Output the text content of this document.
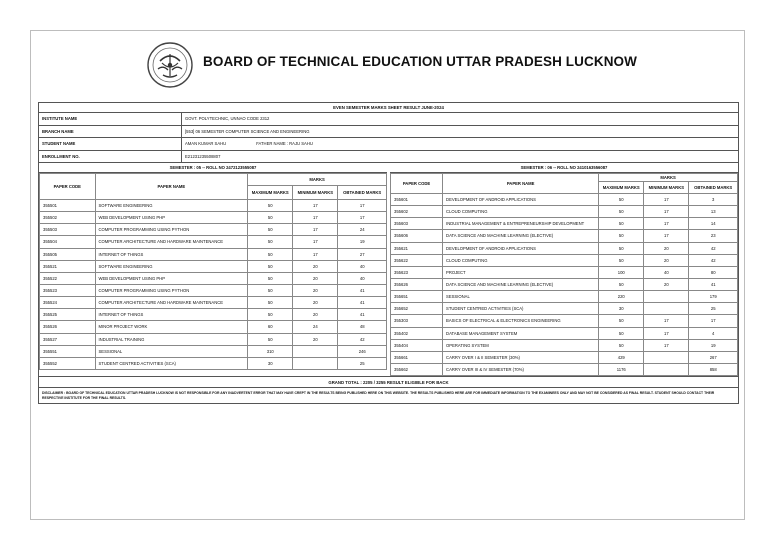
BOARD OF TECHNICAL EDUCATION UTTAR PRADESH LUCKNOW
EVEN SEMESTER MARKS SHEET RESULT JUNE-2024
INSTITUTE NAME	GOVT. POLYTECHNIC, UNNAO CODE 2312
BRANCH NAME	[553] 06 SEMESTER COMPUTER SCIENCE AND ENGINEERING
STUDENT NAME	AMAN KUMAR SAHU	FATHER NAME : RAJU SAHU
ENROLLMENT NO.	E21231235508807
SEMESTER : 05 -- ROLL NO 2472123555087
PAPER CODE	PAPER NAME	MARKS		
		MAXIMUM MARKS	MINIMUM MARKS	OBTAINED MARKS
355501	SOFTWARE ENGINEERING	50	17	17
355502	WEB DEVELOPMENT USING PHP	50	17	17
355503	COMPUTER PROGRAMMING USING PYTHON	50	17	24
355504	COMPUTER ARCHITECTURE AND HARDWARE MAINTENANCE	50	17	19
355505	INTERNET OF THINGS	50	17	27
355521	SOFTWARE ENGINEERING	50	20	40
355522	WEB DEVELOPMENT USING PHP	50	20	40
355523	COMPUTER PROGRAMMING USING PYTHON	50	20	41
355524	COMPUTER ARCHITECTURE AND HARDWARE MAINTENANCE	50	20	41
355525	INTERNET OF THINGS	50	20	41
355526	MINOR PROJECT WORK	60	24	48
355527	INDUSTRIAL TRAINING	50	20	42
355551	SESSIONAL	310		246
355552	STUDENT CENTRED ACTIVITIES (SCA)	30		25
SEMESTER : 06 -- ROLL NO 2410163556087
PAPER CODE	PAPER NAME	MARKS		
		MAXIMUM MARKS	MINIMUM MARKS	OBTAINED MARKS
355601	DEVELOPMENT OF ANDROID APPLICATIONS	50	17	3
355602	CLOUD COMPUTING	50	17	13
355603	INDUSTRIAL MANAGEMENT & ENTREPRENEURSHIP DEVELOPMENT	50	17	14
355606	DATA SCIENCE AND MACHINE LEARNING (ELECTIVE)	50	17	23
355621	DEVELOPMENT OF ANDROID APPLICATIONS	50	20	42
355622	CLOUD COMPUTING	50	20	42
355623	PROJECT	100	40	80
355626	DATA SCIENCE AND MACHINE LEARNING (ELECTIVE)	50	20	41
355651	SESSIONAL	220		179
355652	STUDENT CENTRED ACTIVITIES (SCA)	30		25
355303	BASICS OF ELECTRICAL & ELECTRONICS ENGINEERING	50	17	17
355402	DATABASE MANAGEMENT SYSTEM	50	17	4
355404	OPERATING SYSTEM	50	17	19
355661	CARRY OVER I & II SEMESTER (30%)	429		267
355662	CARRY OVER III & IV SEMESTER (70%)	1176		858
GRAND TOTAL : 2205 / 3255 RESULT ELIGIBLE FOR BACK
DISCLAIMER : BOARD OF TECHNICAL EDUCATION UTTAR PRADESH LUCKNOW IS NOT RESPONSIBLE FOR ANY INADVERTENT ERROR THAT MAY HAVE CREPT IN THE RESULTS BEING PUBLISHED HERE ON THIS WEBSITE. THE RESULTS PUBLISHED HERE ARE FOR IMMEDIATE INFORMATION TO THE EXAMINEES ONLY AND MAY NOT BE CONSIDERED AS FINAL RESULT. STUDENT SHOULD CONTACT THEIR RESPECTIVE INSTITUTE FOR THE FINAL RESULTS.
